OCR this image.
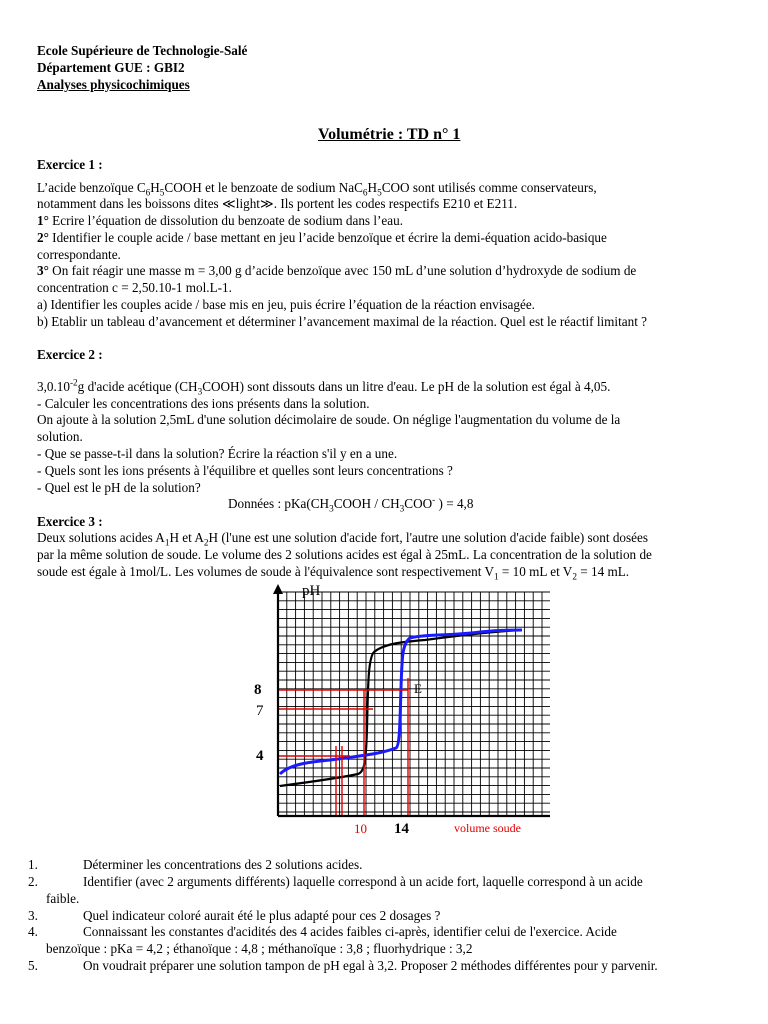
Ecole Supérieure de Technologie-Salé
Département GUE : GBI2
Analyses physicochimiques
Volumétrie : TD n° 1
Exercice 1 :
L’acide benzoïque $C_6H_5COOH$ et le benzoate de sodium $NaC_6H_5COO$ sont utilisés comme conservateurs,
notamment dans les boissons dites ≪light≫. Ils portent les codes respectifs E210 et E211.
1° Ecrire l’équation de dissolution du benzoate de sodium dans l’eau.
2° Identifier le couple acide / base mettant en jeu l’acide benzoïque et écrire la demi-équation acido-basique
correspondante.
3° On fait réagir une masse m = 3,00 g d’acide benzoïque avec 150 mL d’une solution d’hydroxyde de sodium de
concentration c = 2,50.10-1 mol.L-1.
a) Identifier les couples acide / base mis en jeu, puis écrire l’équation de la réaction envisagée.
b) Etablir un tableau d’avancement et déterminer l’avancement maximal de la réaction. Quel est le réactif limitant ?
Exercice 2 :
$3,0.10^{-2}g$ d'acide acétique $(CH_3COOH)$ sont dissouts dans un litre d'eau. Le pH de la solution est égal à 4,05.
- Calculer les concentrations des ions présents dans la solution.
On ajoute à la solution 2,5mL d'une solution décimolaire de soude. On néglige l'augmentation du volume de la
solution.
- Que se passe-t-il dans la solution? Écrire la réaction s'il y en a une.
- Quels sont les ions présents à l'équilibre et quelles sont leurs concentrations ?
- Quel est le pH de la solution?
Données : $pKa(CH_3COOH / CH_3COO^-$ ) = 4,8
Exercice 3 :
Deux solutions acides $A_1H$ et $A_2H$ (l'une est une solution d'acide fort, l'autre une solution d'acide faible) sont dosées
par la même solution de soude. Le volume des 2 solutions acides est égal à 25mL. La concentration de la solution de
soude est égale à 1mol/L. Les volumes de soude à l'équivalence sont respectivement $V_1 = 10$ mL et $V_2 = 14$ mL.
pH
8
7
4
E
10 14	volume soude
1.	Déterminer les concentrations des 2 solutions acides.
2.	Identifier (avec 2 arguments différents) laquelle correspond à un acide fort, laquelle correspond à un acide
faible.
3.	Quel indicateur coloré aurait été le plus adapté pour ces 2 dosages ?
4.	Connaissant les constantes d'acidités des 4 acides faibles ci-après, identifier celui de l'exercice. Acide
benzoïque : pKa = 4,2 ; éthanoïque : 4,8 ; méthanoïque : 3,8 ; fluorhydrique : 3,2
5.	On voudrait préparer une solution tampon de pH egal à 3,2. Proposer 2 méthodes différentes pour y parvenir.
